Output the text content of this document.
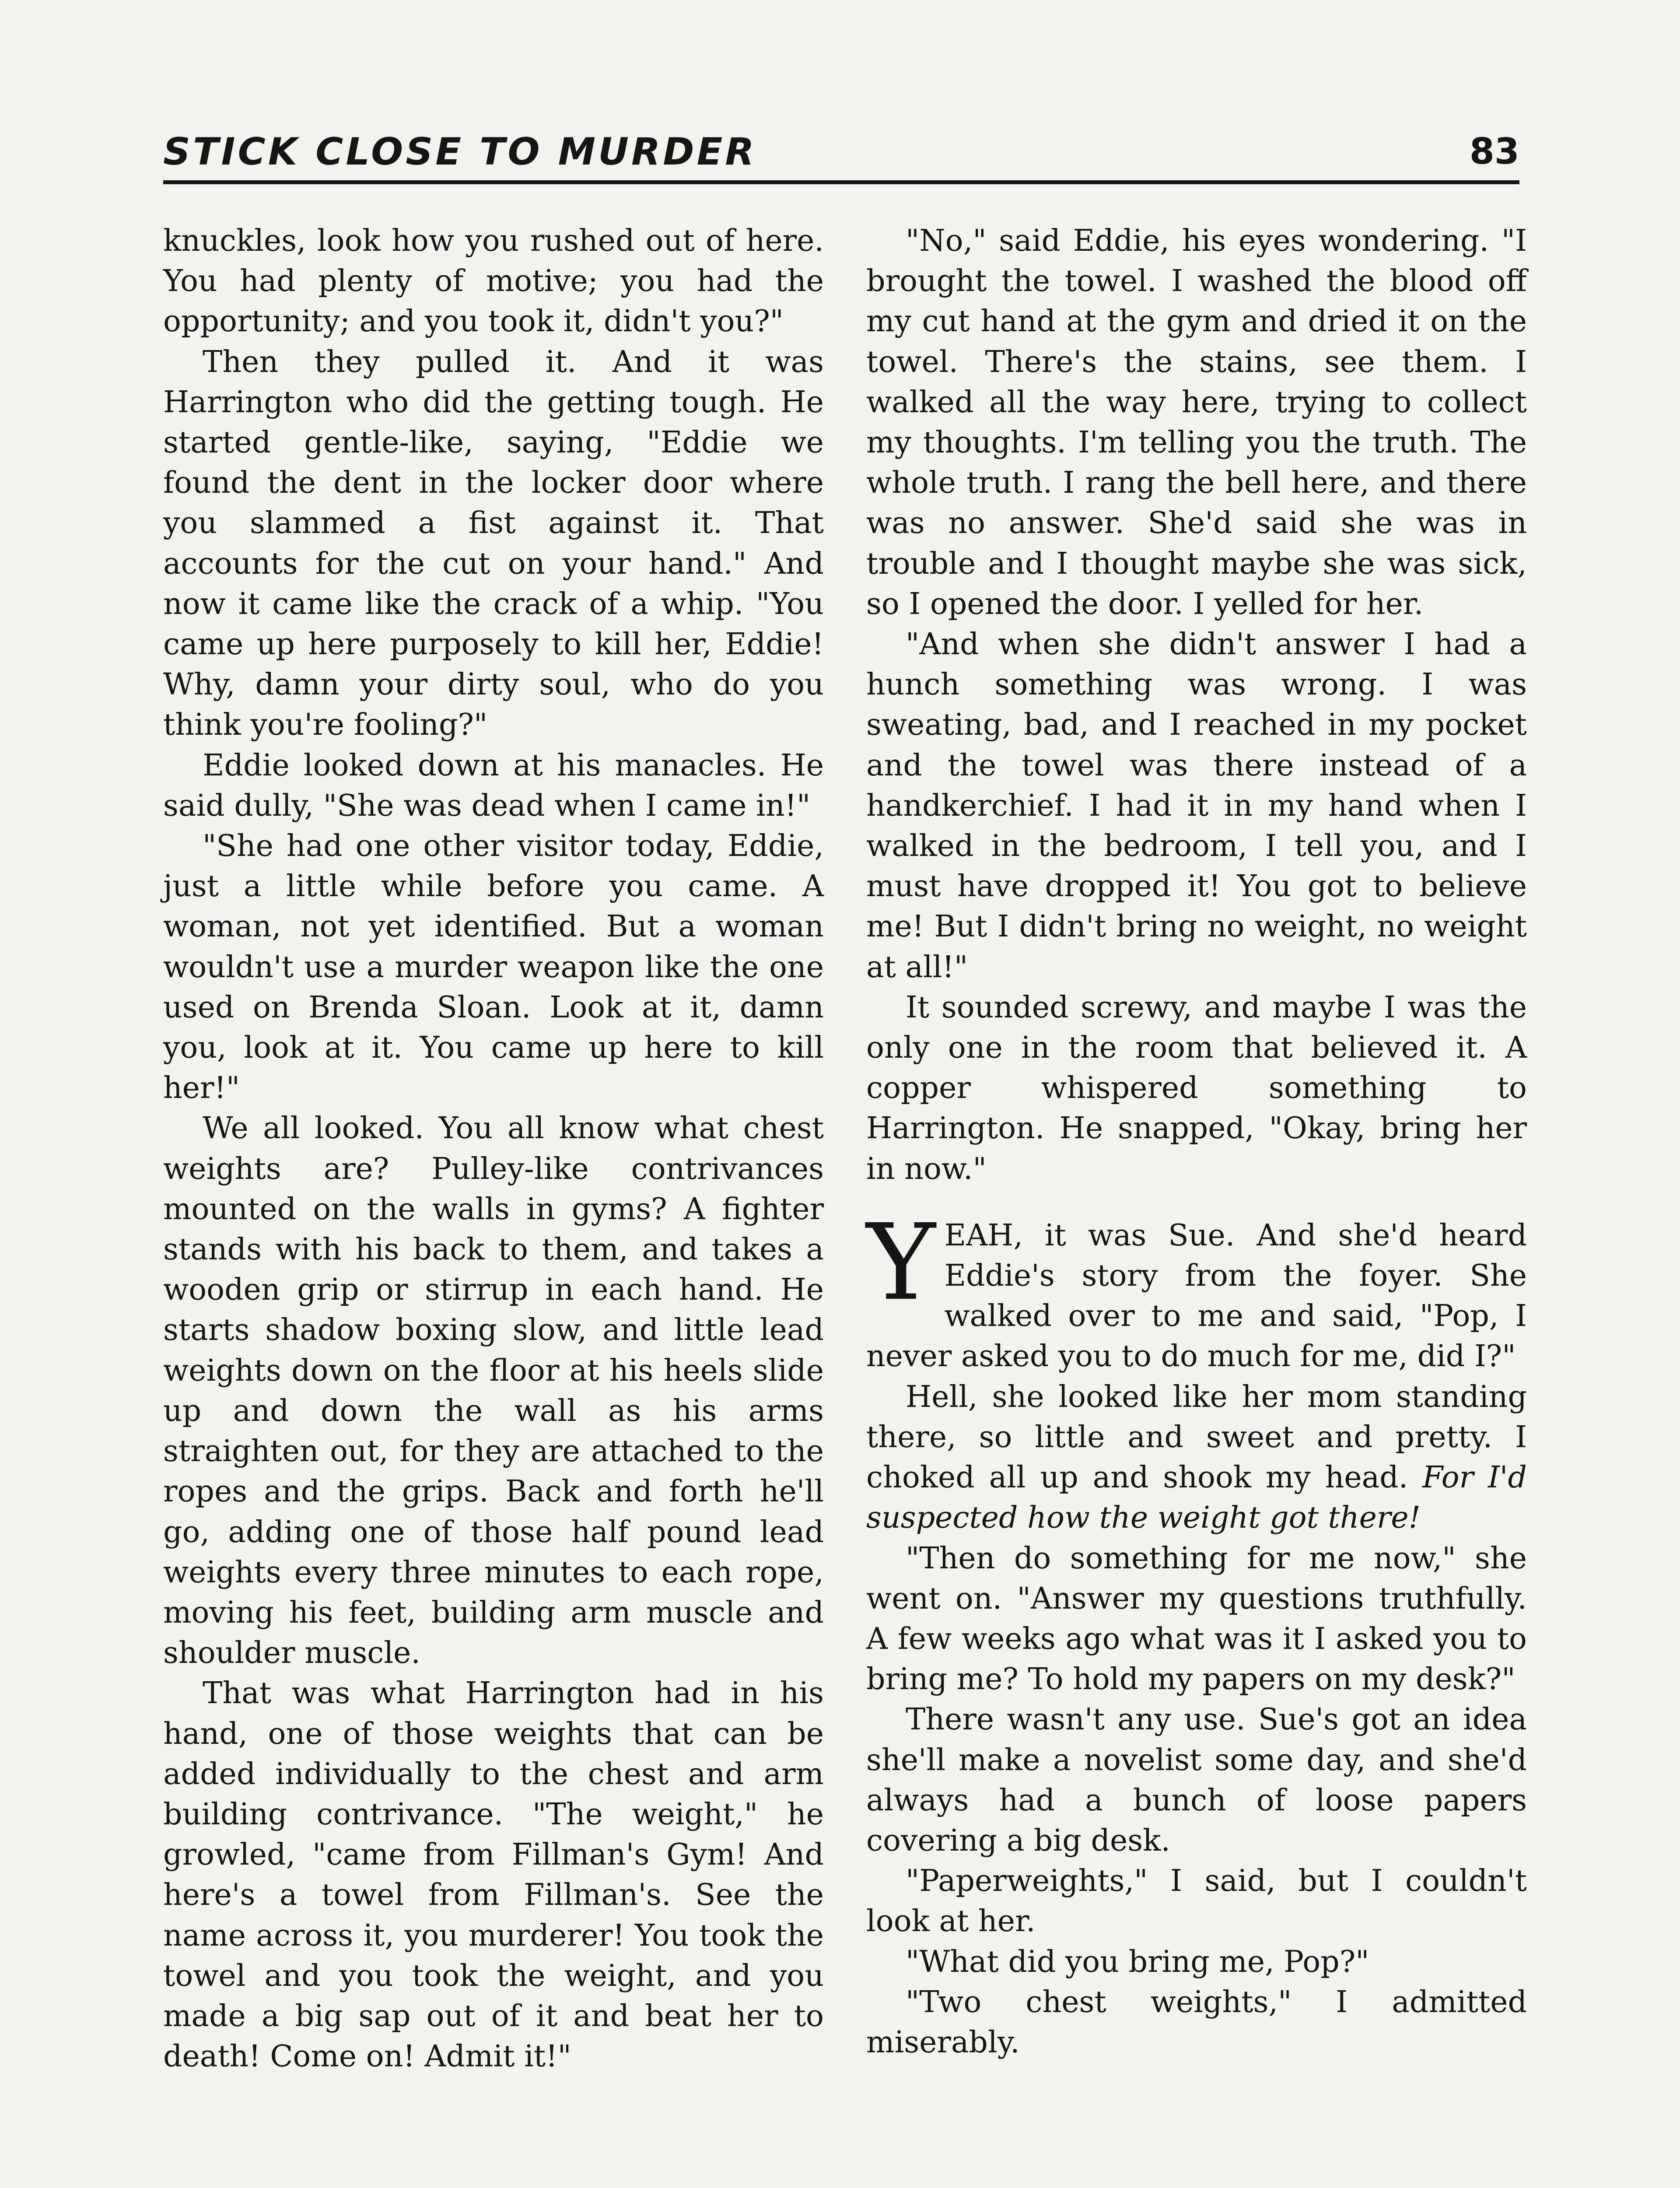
STICK CLOSE TO MURDER	83

knuckles, look how you rushed out of here. You had plenty of motive; you had the opportunity; and you took it, didn't you?"

Then they pulled it. And it was Harrington who did the getting tough. He started gentle-like, saying, "Eddie we found the dent in the locker door where you slammed a fist against it. That accounts for the cut on your hand." And now it came like the crack of a whip. "You came up here purposely to kill her, Eddie! Why, damn your dirty soul, who do you think you're fooling?"

Eddie looked down at his manacles. He said dully, "She was dead when I came in!"

"She had one other visitor today, Eddie, just a little while before you came. A woman, not yet identified. But a woman wouldn't use a murder weapon like the one used on Brenda Sloan. Look at it, damn you, look at it. You came up here to kill her!"

We all looked. You all know what chest weights are? Pulley-like contrivances mounted on the walls in gyms? A fighter stands with his back to them, and takes a wooden grip or stirrup in each hand. He starts shadow boxing slow, and little lead weights down on the floor at his heels slide up and down the wall as his arms straighten out, for they are attached to the ropes and the grips. Back and forth he'll go, adding one of those half pound lead weights every three minutes to each rope, moving his feet, building arm muscle and shoulder muscle.

That was what Harrington had in his hand, one of those weights that can be added individually to the chest and arm building contrivance. "The weight," he growled, "came from Fillman's Gym! And here's a towel from Fillman's. See the name across it, you murderer! You took the towel and you took the weight, and you made a big sap out of it and beat her to death! Come on! Admit it!"

"No," said Eddie, his eyes wondering. "I brought the towel. I washed the blood off my cut hand at the gym and dried it on the towel. There's the stains, see them. I walked all the way here, trying to collect my thoughts. I'm telling you the truth. The whole truth. I rang the bell here, and there was no answer. She'd said she was in trouble and I thought maybe she was sick, so I opened the door. I yelled for her.

"And when she didn't answer I had a hunch something was wrong. I was sweating, bad, and I reached in my pocket and the towel was there instead of a handkerchief. I had it in my hand when I walked in the bedroom, I tell you, and I must have dropped it! You got to believe me! But I didn't bring no weight, no weight at all!"

It sounded screwy, and maybe I was the only one in the room that believed it. A copper whispered something to Harrington. He snapped, "Okay, bring her in now."

YEAH, it was Sue. And she'd heard Eddie's story from the foyer. She walked over to me and said, "Pop, I never asked you to do much for me, did I?"

Hell, she looked like her mom standing there, so little and sweet and pretty. I choked all up and shook my head. For I'd suspected how the weight got there!

"Then do something for me now," she went on. "Answer my questions truthfully. A few weeks ago what was it I asked you to bring me? To hold my papers on my desk?"

There wasn't any use. Sue's got an idea she'll make a novelist some day, and she'd always had a bunch of loose papers covering a big desk.

"Paperweights," I said, but I couldn't look at her.

"What did you bring me, Pop?"

"Two chest weights," I admitted miserably.
